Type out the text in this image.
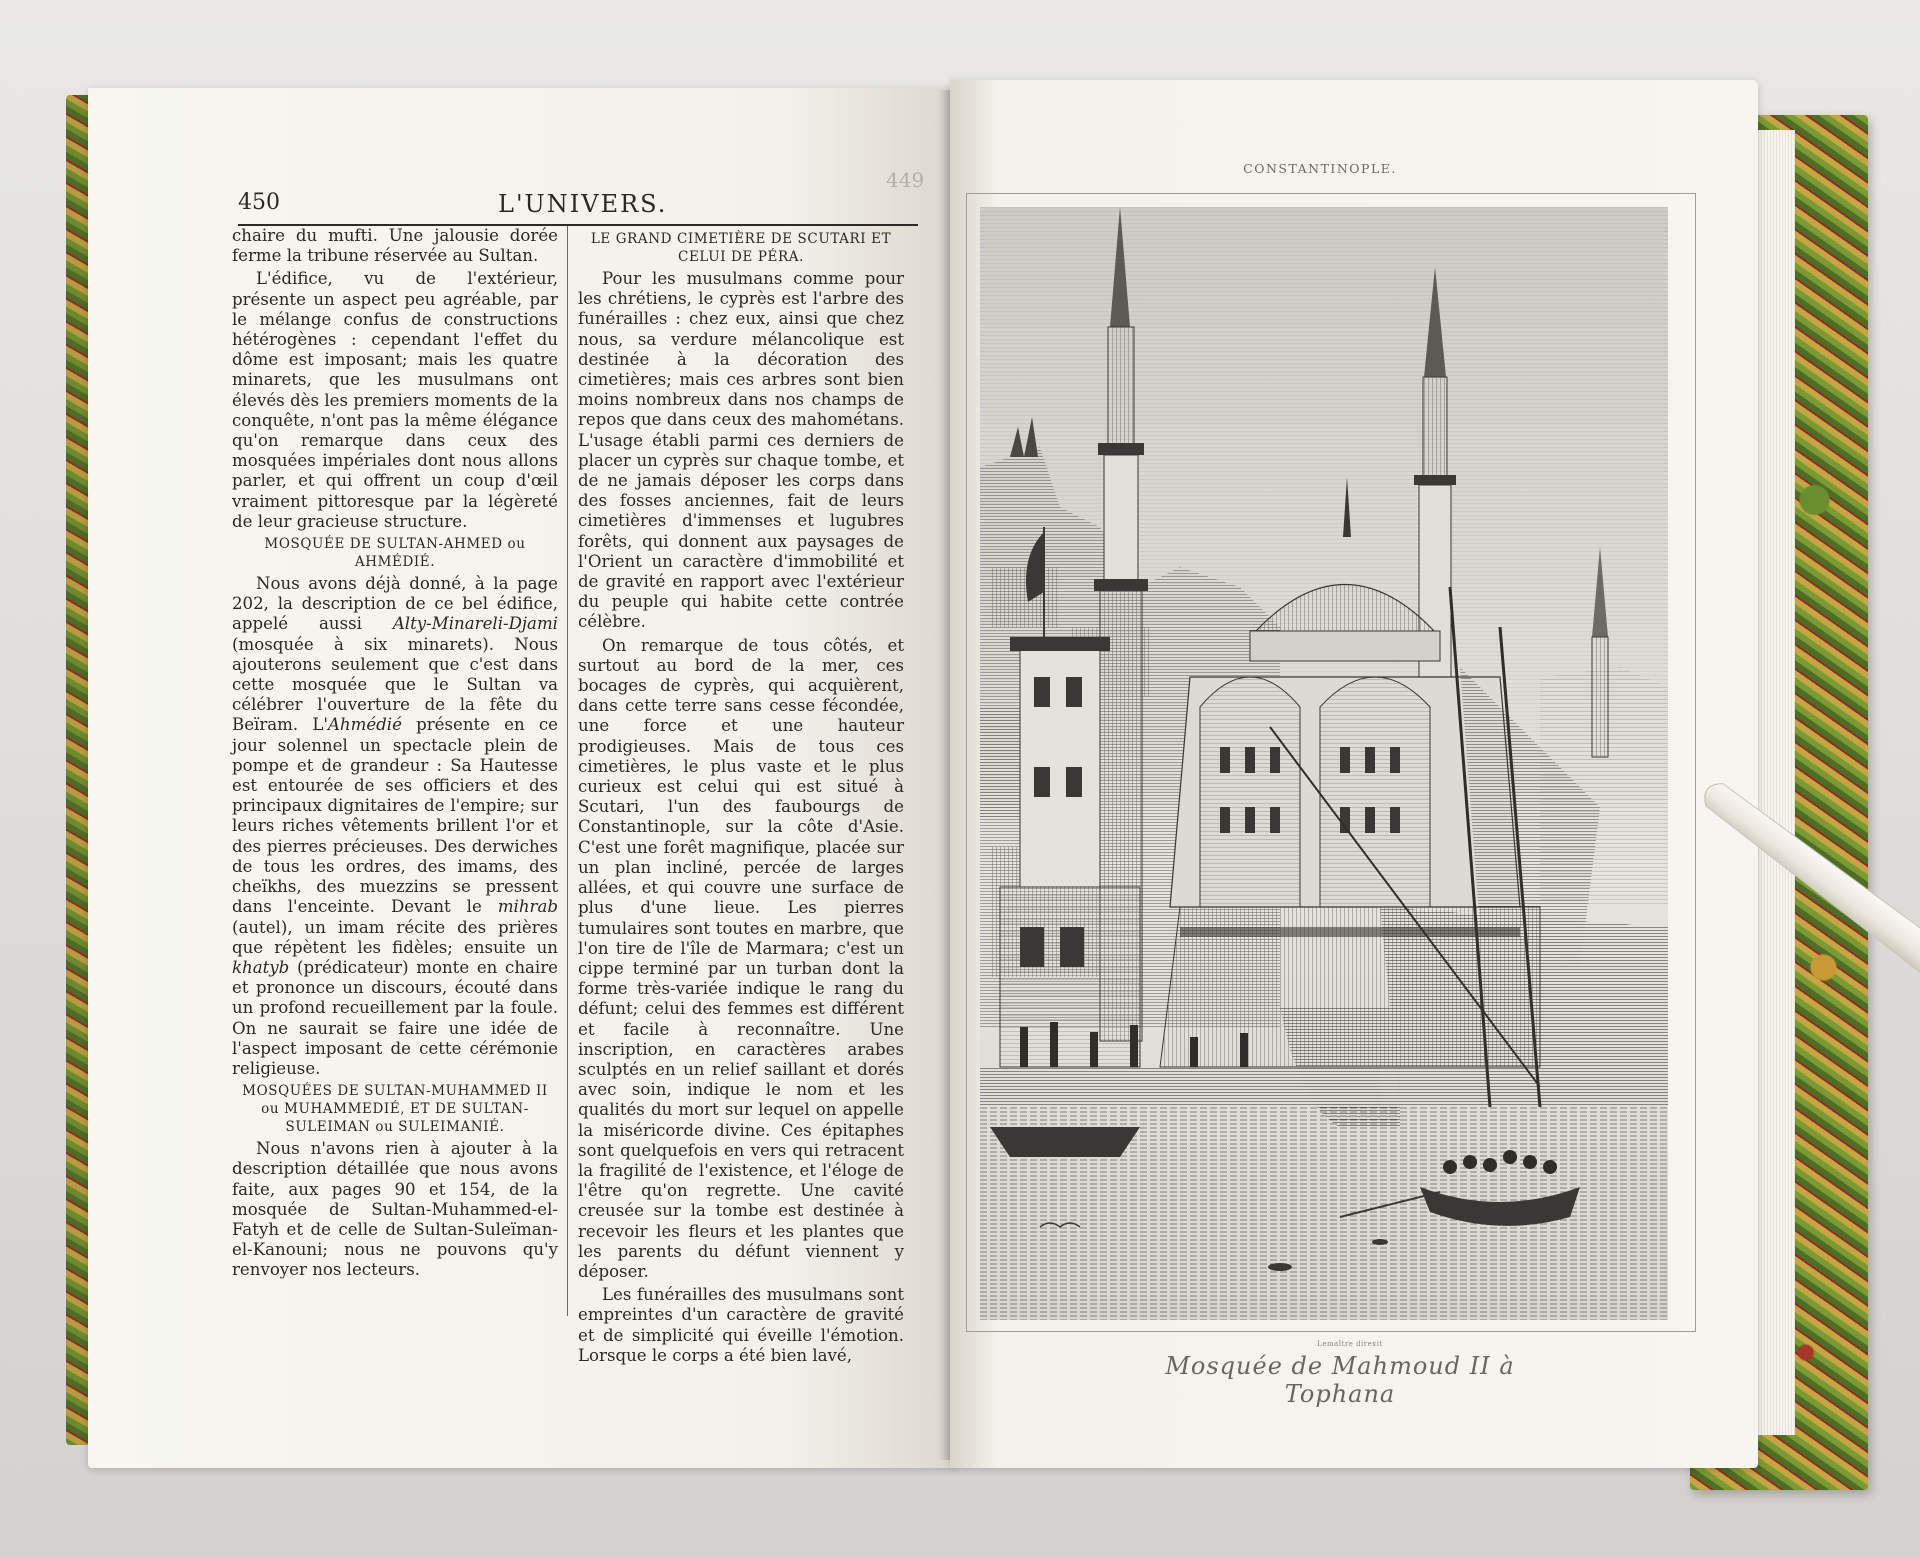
450	L'UNIVERS.
449

chaire du mufti. Une jalousie dorée ferme la tribune réservée au Sultan.

L'édifice, vu de l'extérieur, présente un aspect peu agréable, par le mélange confus de constructions hétérogènes : cependant l'effet du dôme est imposant; mais les quatre minarets, que les musulmans ont élevés dès les premiers moments de la conquête, n'ont pas la même élégance qu'on remarque dans ceux des mosquées impériales dont nous allons parler, et qui offrent un coup d'œil vraiment pittoresque par la légèreté de leur gracieuse structure.

MOSQUÉE DE SULTAN-AHMED ou AHMÉDIÉ.

Nous avons déjà donné, à la page 202, la description de ce bel édifice, appelé aussi Alty-Minareli-Djami (mosquée à six minarets). Nous ajouterons seulement que c'est dans cette mosquée que le Sultan va célébrer l'ouverture de la fête du Beïram. L'Ahmédié présente en ce jour solennel un spectacle plein de pompe et de grandeur : Sa Hautesse est entourée de ses officiers et des principaux dignitaires de l'empire; sur leurs riches vêtements brillent l'or et des pierres précieuses. Des derwiches de tous les ordres, des imams, des cheïkhs, des muezzins se pressent dans l'enceinte. Devant le mihrab (autel), un imam récite des prières que répètent les fidèles; ensuite un khatyb (prédicateur) monte en chaire et prononce un discours, écouté dans un profond recueillement par la foule. On ne saurait se faire une idée de l'aspect imposant de cette cérémonie religieuse.

MOSQUÉES DE SULTAN-MUHAMMED II ou MUHAMMEDIÉ, ET DE SULTAN-SULEIMAN ou SULEIMANIÉ.

Nous n'avons rien à ajouter à la description détaillée que nous avons faite, aux pages 90 et 154, de la mosquée de Sultan-Muhammed-el-Fatyh et de celle de Sultan-Suleïman-el-Kanouni; nous ne pouvons qu'y renvoyer nos lecteurs.

LE GRAND CIMETIÈRE DE SCUTARI ET CELUI DE PÉRA.

Pour les musulmans comme pour les chrétiens, le cyprès est l'arbre des funérailles : chez eux, ainsi que chez nous, sa verdure mélancolique est destinée à la décoration des cimetières; mais ces arbres sont bien moins nombreux dans nos champs de repos que dans ceux des mahométans. L'usage établi parmi ces derniers de placer un cyprès sur chaque tombe, et de ne jamais déposer les corps dans des fosses anciennes, fait de leurs cimetières d'immenses et lugubres forêts, qui donnent aux paysages de l'Orient un caractère d'immobilité et de gravité en rapport avec l'extérieur du peuple qui habite cette contrée célèbre.

On remarque de tous côtés, et surtout au bord de la mer, ces bocages de cyprès, qui acquièrent, dans cette terre sans cesse fécondée, une force et une hauteur prodigieuses. Mais de tous ces cimetières, le plus vaste et le plus curieux est celui qui est situé à Scutari, l'un des faubourgs de Constantinople, sur la côte d'Asie. C'est une forêt magnifique, placée sur un plan incliné, percée de larges allées, et qui couvre une surface de plus d'une lieue. Les pierres tumulaires sont toutes en marbre, que l'on tire de l'île de Marmara; c'est un cippe terminé par un turban dont la forme très-variée indique le rang du défunt; celui des femmes est différent et facile à reconnaître. Une inscription, en caractères arabes sculptés en un relief saillant et dorés avec soin, indique le nom et les qualités du mort sur lequel on appelle la miséricorde divine. Ces épitaphes sont quelquefois en vers qui retracent la fragilité de l'existence, et l'éloge de l'être qu'on regrette. Une cavité creusée sur la tombe est destinée à recevoir les fleurs et les plantes que les parents du défunt viennent y déposer.

Les funérailles des musulmans sont empreintes d'un caractère de gravité et de simplicité qui éveille l'émotion. Lorsque le corps a été bien lavé,

CONSTANTINOPLE.
Lemaître direxit
Mosquée de Mahmoud II à Tophana
